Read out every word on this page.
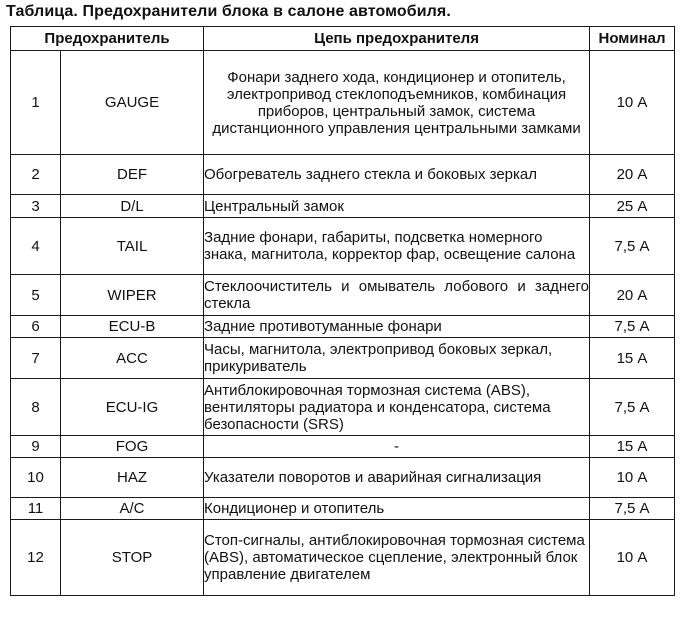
Таблица. Предохранители блока в салоне автомобиля.
Предохранитель		Цепь предохранителя	Номинал
1	GAUGE	Фонари заднего хода, кондиционер и отопитель, электропривод стеклоподъемников, комбинация приборов, центральный замок, система дистанционного управления центральными замками	10 А
2	DEF	Обогреватель заднего стекла и боковых зеркал	20 А
3	D/L	Центральный замок	25 А
4	TAIL	Задние фонари, габариты, подсветка номерного знака, магнитола, корректор фар, освещение салона	7,5 А
5	WIPER	Стеклоочиститель и омыватель лобового и заднего стекла	20 А
6	ECU-B	Задние противотуманные фонари	7,5 А
7	ACC	Часы, магнитола, электропривод боковых зеркал, прикуриватель	15 А
8	ECU-IG	Антиблокировочная тормозная система (ABS), вентиляторы радиатора и конденсатора, система безопасности (SRS)	7,5 А
9	FOG	-	15 А
10	HAZ	Указатели поворотов и аварийная сигнализация	10 А
11	A/C	Кондиционер и отопитель	7,5 А
12	STOP	Стоп-сигналы, антиблокировочная тормозная система (ABS), автоматическое сцепление, электронный блок управление двигателем	10 А
